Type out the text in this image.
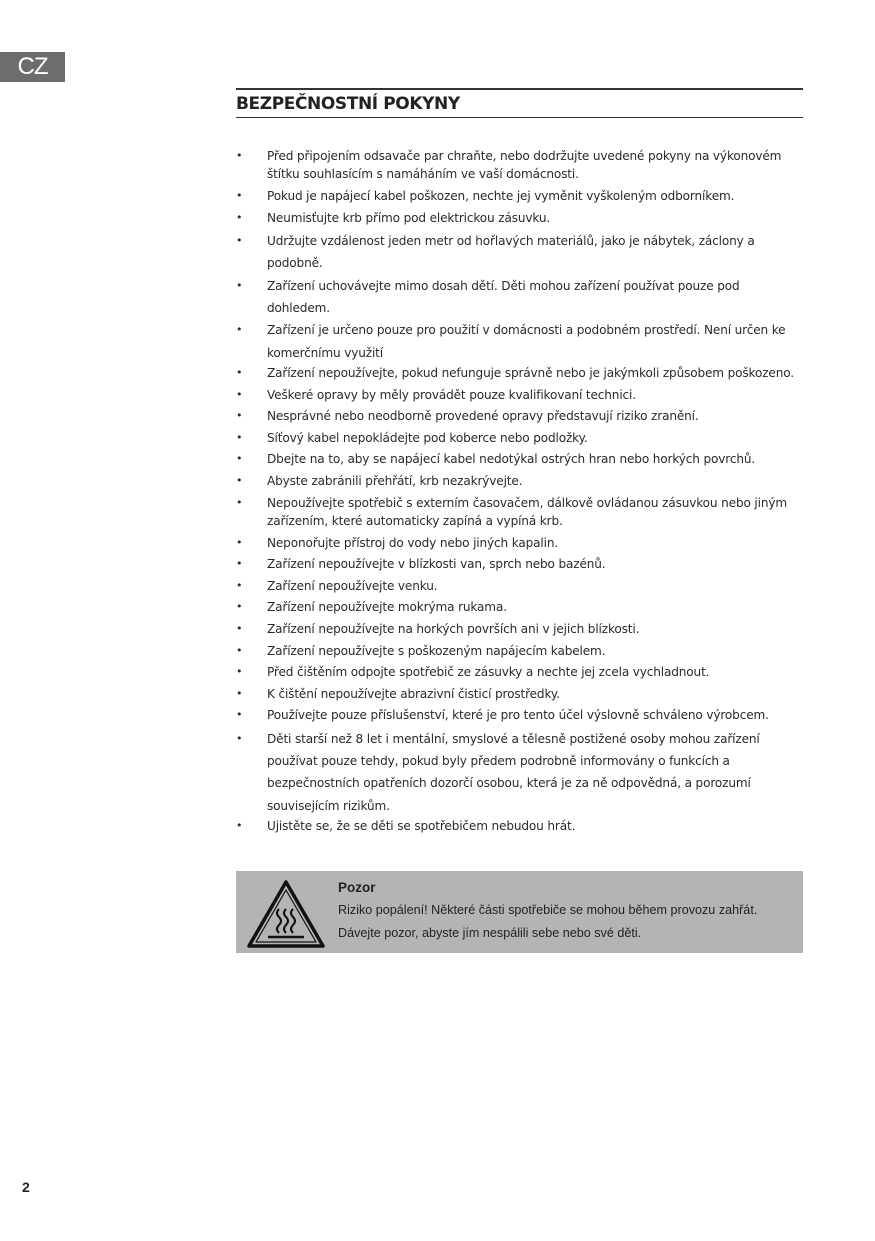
CZ
BEZPEČNOSTNÍ POKYNY
•	Před připojením odsavače par chraňte, nebo dodržujte uvedené pokyny na výkonovém štítku souhlasícím s namáháním ve vaší domácnosti.
•	Pokud je napájecí kabel poškozen, nechte jej vyměnit vyškoleným odborníkem.
•	Neumisťujte krb přímo pod elektrickou zásuvku.
•	Udržujte vzdálenost jeden metr od hořlavých materiálů, jako je nábytek, záclony a podobně.
•	Zařízení uchovávejte mimo dosah dětí. Děti mohou zařízení používat pouze pod dohledem.
•	Zařízení je určeno pouze pro použití v domácnosti a podobném prostředí. Není určen ke komerčnímu využití
•	Zařízení nepoužívejte, pokud nefunguje správně nebo je jakýmkoli způsobem poškozeno.
•	Veškeré opravy by měly provádět pouze kvalifikovaní technici.
•	Nesprávné nebo neodborně provedené opravy představují riziko zranění.
•	Síťový kabel nepokládejte pod koberce nebo podložky.
•	Dbejte na to, aby se napájecí kabel nedotýkal ostrých hran nebo horkých povrchů.
•	Abyste zabránili přehřátí, krb nezakrývejte.
•	Nepoužívejte spotřebič s externím časovačem, dálkově ovládanou zásuvkou nebo jiným zařízením, které automaticky zapíná a vypíná krb.
•	Neponořujte přístroj do vody nebo jiných kapalin.
•	Zařízení nepoužívejte v blízkosti van, sprch nebo bazénů.
•	Zařízení nepoužívejte venku.
•	Zařízení nepoužívejte mokrýma rukama.
•	Zařízení nepoužívejte na horkých površích ani v jejich blízkosti.
•	Zařízení nepoužívejte s poškozeným napájecím kabelem.
•	Před čištěním odpojte spotřebič ze zásuvky a nechte jej zcela vychladnout.
•	K čištění nepoužívejte abrazivní čisticí prostředky.
•	Používejte pouze příslušenství, které je pro tento účel výslovně schváleno výrobcem.
•	Děti starší než 8 let i mentální, smyslové a tělesně postižené osoby mohou zařízení používat pouze tehdy, pokud byly předem podrobně informovány o funkcích a bezpečnostních opatřeních dozorčí osobou, která je za ně odpovědná, a porozumí souvisejícím rizikům.
•	Ujistěte se, že se děti se spotřebičem nebudou hrát.
Pozor

Riziko popálení! Některé části spotřebiče se mohou během provozu zahřát. Dávejte pozor, abyste jím nespálili sebe nebo své děti.

2
